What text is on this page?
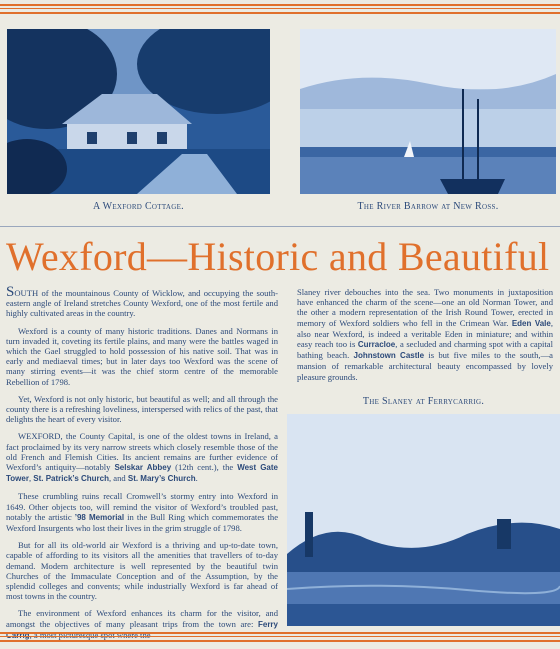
A Wexford Cottage.	The River Barrow at New Ross.
Wexford—Historic and Beautiful

SOUTH of the mountainous County of Wicklow, and occupying the south-eastern angle of Ireland stretches County Wexford, one of the most fertile and highly cultivated areas in the country.

Wexford is a county of many historic traditions. Danes and Normans in turn invaded it, coveting its fertile plains, and many were the battles waged in which the Gael struggled to hold possession of his native soil. That was in early and mediaeval times; but in later days too Wexford was the scene of many stirring events—it was the chief storm centre of the memorable Rebellion of 1798.

Yet, Wexford is not only historic, but beautiful as well; and all through the county there is a refreshing loveliness, interspersed with relics of the past, that delights the heart of every visitor.

WEXFORD, the County Capital, is one of the oldest towns in Ireland, a fact proclaimed by its very narrow streets which closely resemble those of the old French and Flemish Cities. Its ancient remains are further evidence of Wexford’s antiquity—notably Selskar Abbey (12th cent.), the West Gate Tower, St. Patrick’s Church, and St. Mary’s Church.

These crumbling ruins recall Cromwell’s stormy entry into Wexford in 1649. Other objects too, will remind the visitor of Wexford’s troubled past, notably the artistic ’98 Memorial in the Bull Ring which commemorates the Wexford Insurgents who lost their lives in the grim struggle of 1798.

But for all its old-world air Wexford is a thriving and up-to-date town, capable of affording to its visitors all the amenities that travellers of to-day demand. Modern architecture is well represented by the beautiful twin Churches of the Immaculate Conception and of the Assumption, by the splendid colleges and convents; while industrially Wexford is far ahead of most towns in the country.

The environment of Wexford enhances its charm for the visitor, and amongst the objectives of many pleasant trips from the town are: Ferry Carrig, a most picturesque spot where the

Slaney river debouches into the sea. Two monuments in juxtaposition have enhanced the charm of the scene—one an old Norman Tower, and the other a modern representation of the Irish Round Tower, erected in memory of Wexford soldiers who fell in the Crimean War. Eden Vale, also near Wexford, is indeed a veritable Eden in miniature; and within easy reach too is Curracloe, a secluded and charming spot with a capital bathing beach. Johnstown Castle is but five miles to the south,—a mansion of remarkable architectural beauty encompassed by lovely pleasure grounds.

The Slaney at Ferrycarrig.
